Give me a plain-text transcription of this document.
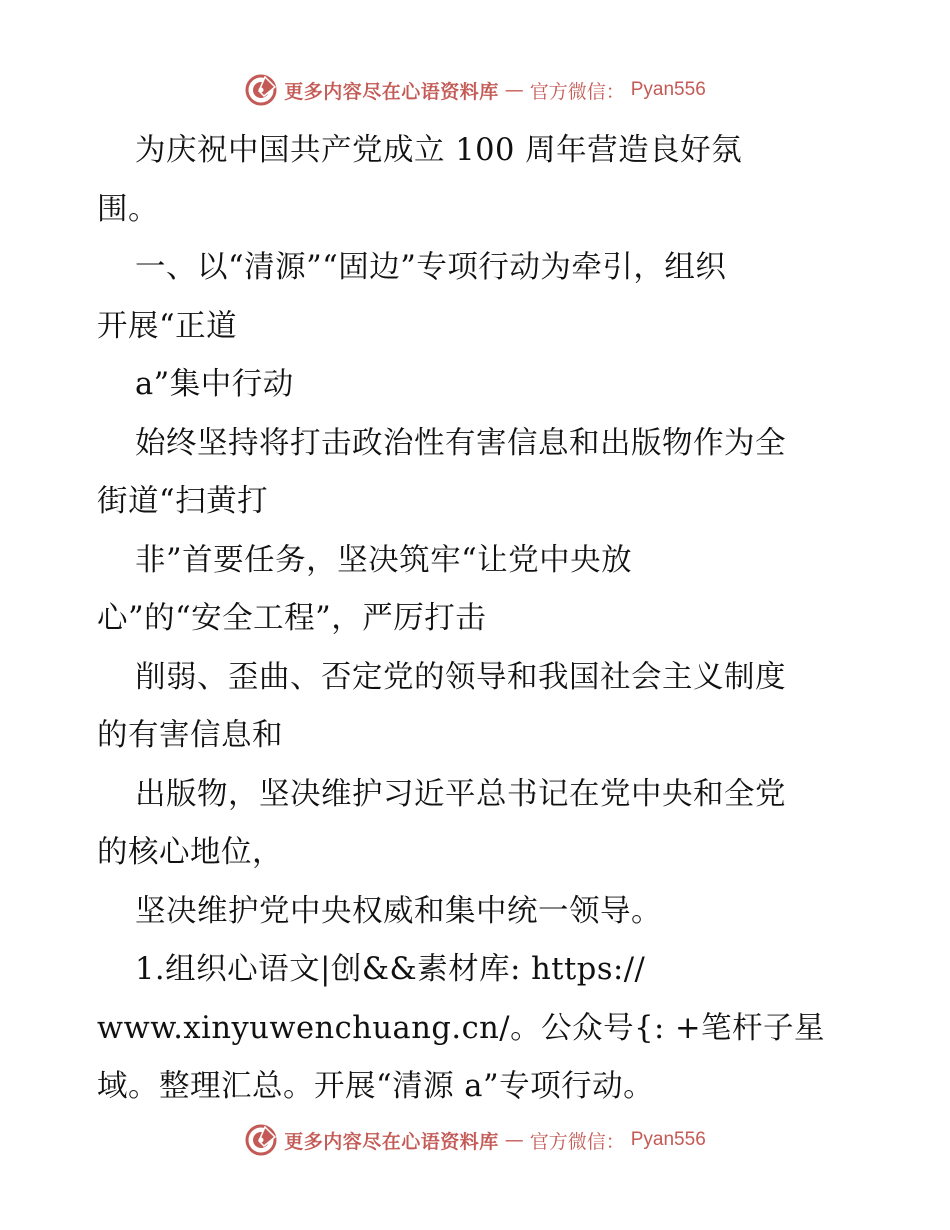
更多内容尽在心语资料库 — 官方微信： Pyan556
为庆祝中国共产党成立 100 周年营造良好氛
围。
一、以“清源”“固边”专项行动为牵引，组织
开展“正道
a”集中行动
始终坚持将打击政治性有害信息和出版物作为全
街道“扫黄打
非”首要任务，坚决筑牢“让党中央放
心”的“安全工程”，严厉打击
削弱、歪曲、否定党的领导和我国社会主义制度
的有害信息和
出版物，坚决维护习近平总书记在党中央和全党
的核心地位，
坚决维护党中央权威和集中统一领导。
1.组织心语文|创&&素材库: https://
www.xinyuwenchuang.cn/。公众号{: +笔杆子星
域。整理汇总。开展“清源 a”专项行动。
更多内容尽在心语资料库 — 官方微信： Pyan556
